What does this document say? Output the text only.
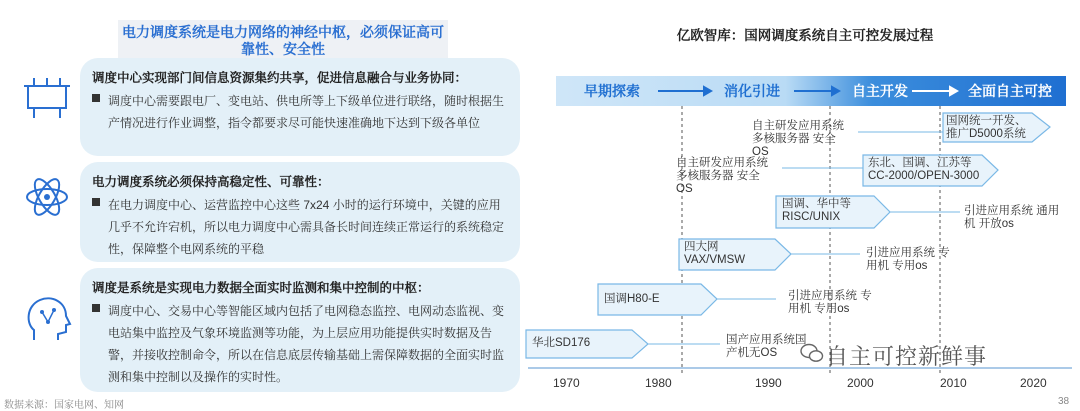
电力调度系统是电力网络的神经中枢，必须保证高可靠性、安全性
调度中心实现部门间信息资源集约共享，促进信息融合与业务协同：
调度中心需要跟电厂、变电站、供电所等上下级单位进行联络，随时根据生产情况进行作业调整，指令都要求尽可能快速准确地下达到下级各单位
电力调度系统必须保持高稳定性、可靠性：
在电力调度中心、运营监控中心这些 7x24 小时的运行环境中，关键的应用几乎不允许宕机，所以电力调度中心需具备长时间连续正常运行的系统稳定性，保障整个电网系统的平稳
调度是系统是实现电力数据全面实时监测和集中控制的中枢：
调度中心、交易中心等智能区域内包括了电网稳态监控、电网动态监视、变电站集中监控及气象环境监测等功能，为上层应用功能提供实时数据及告警，并接收控制命令，所以在信息底层传输基础上需保障数据的全面实时监测和集中控制以及操作的实时性。
亿欧智库：国网调度系统自主可控发展过程
早期探索	消化引进	自主开发	全面自主可控
国网统一开发、推广D5000系统
东北、国调、江苏等CC-2000/OPEN-3000
国调、华中等RISC/UNIX
四大网VAX/VMSW
国调H80-E
华北SD176
自主研发应用系统多核服务器 安全OS
自主研发应用系统多核服务器 安全OS
引进应用系统 通用机 开放os
引进应用系统 专用机 专用os
引进应用系统 专用机 专用os
国产应用系统国产机无OS
1970	1980	1990	2000	2010	2020
自主可控新鲜事
数据来源：国家电网、知网	38
